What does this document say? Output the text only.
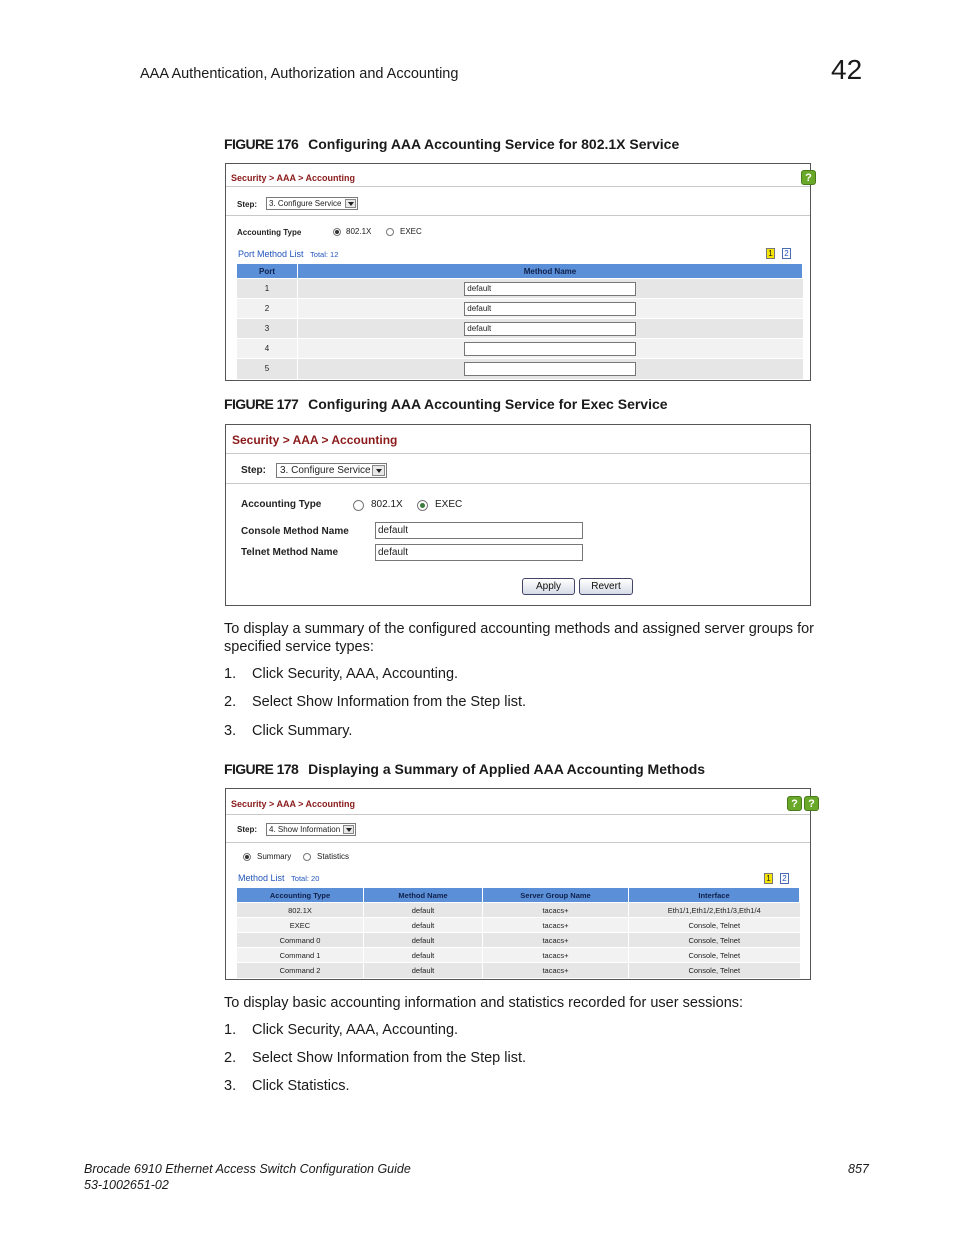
AAA Authentication, Authorization and Accounting	42
FIGURE 176 Configuring AAA Accounting Service for 802.1X Service
Security > AAA > Accounting	?
Step:	3. Configure Service
Accounting Type	802.1X	EXEC
Port Method List Total: 12	1 2
Port	Method Name
1	default
2	default
3	default
4	
5	
FIGURE 177 Configuring AAA Accounting Service for Exec Service
Security > AAA > Accounting
Step:	3. Configure Service
Accounting Type	802.1X	EXEC
Console Method Name	default
Telnet Method Name	default
Apply	Revert
To display a summary of the configured accounting methods and assigned server groups for specified service types:
1. Click Security, AAA, Accounting.
2. Select Show Information from the Step list.
3. Click Summary.
FIGURE 178 Displaying a Summary of Applied AAA Accounting Methods
Security > AAA > Accounting	? ?
Step:	4. Show Information
Summary	Statistics
Method List Total: 20	1 2
Accounting Type	Method Name	Server Group Name	Interface
802.1X	default	tacacs+	Eth1/1,Eth1/2,Eth1/3,Eth1/4
EXEC	default	tacacs+	Console, Telnet
Command 0	default	tacacs+	Console, Telnet
Command 1	default	tacacs+	Console, Telnet
Command 2	default	tacacs+	Console, Telnet
To display basic accounting information and statistics recorded for user sessions:
1. Click Security, AAA, Accounting.
2. Select Show Information from the Step list.
3. Click Statistics.
Brocade 6910 Ethernet Access Switch Configuration Guide
53-1002651-02
857
